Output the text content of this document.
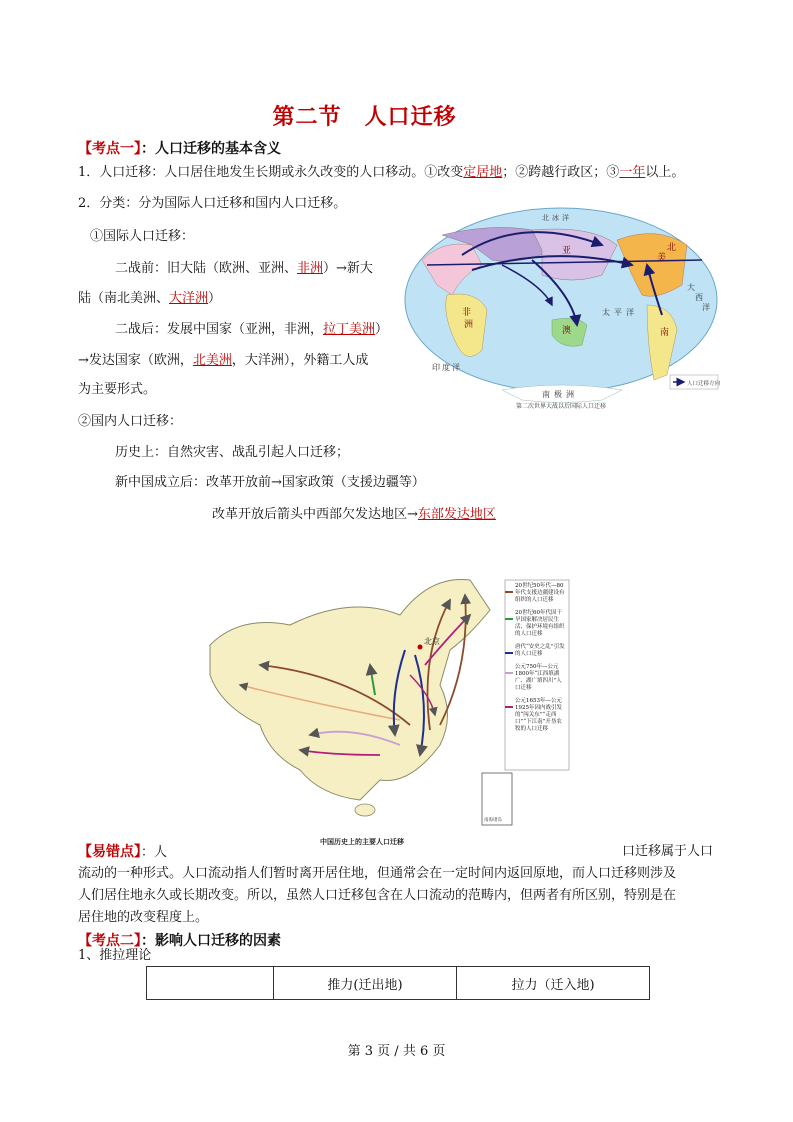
第二节　人口迁移
【考点一】：人口迁移的基本含义
1．人口迁移：人口居住地发生长期或永久改变的人口移动。①改变定居地；②跨越行政区；③一年以上。
2．分类：分为国际人口迁移和国内人口迁移。
①国际人口迁移：
二战前：旧大陆（欧洲、亚洲、非洲）→新大
陆（南北美洲、大洋洲）
二战后：发展中国家（亚洲，非洲，拉丁美洲）
→发达国家（欧洲，北美洲，大洋洲），外籍工人成
为主要形式。
②国内人口迁移：
历史上：自然灾害、战乱引起人口迁移；
新中国成立后：改革开放前→国家政策（支援边疆等）
改革开放后箭头中西部欠发达地区→东部发达地区
北 冰 洋
大
西
洋
印 度 洋
太 平 洋
南 极 洲
亚
非
洲
澳
美
北
南
人口迁移方向
第二次世界大战以后国际人口迁移
北京
南海诸岛
20世纪50年代—80年代支援边疆建设有组织的人口迁移
20世纪60年代因干旱国家解决居民生活、保护环境有组织的人口迁移
唐代“安史之乱”引发的人口迁移
公元750年—公元1800年“江西填湖广、湖广填四川”人口迁移
公元1653年—公元1925年因内战引发的“闯关东”“走西口”“下江南”开垦农牧的人口迁移
中国历史上的主要人口迁移
【易错点】：人	口迁移属于人口
流动的一种形式。人口流动指人们暂时离开居住地，但通常会在一定时间内返回原地，而人口迁移则涉及
人们居住地永久或长期改变。所以，虽然人口迁移包含在人口流动的范畴内，但两者有所区别，特别是在
居住地的改变程度上。
【考点二】：影响人口迁移的因素
1、推拉理论
	推力(迁出地)	拉力（迁入地)
第 3 页 / 共 6 页
